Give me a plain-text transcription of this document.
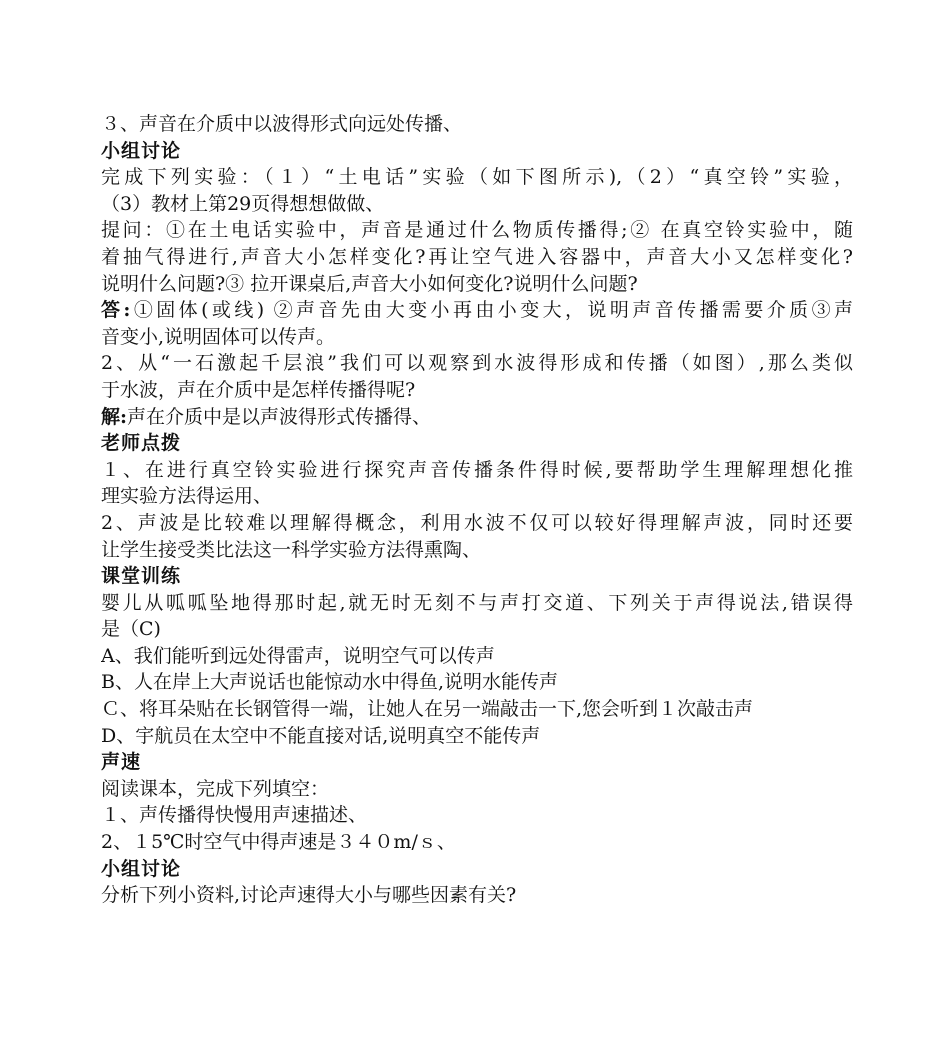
３、声音在介质中以波得形式向远处传播、
小组讨论
完成下列实验：（１）“土电话”实验（如下图所示),（2）“真空铃”实验，
（3）教材上第29页得想想做做、
提问：①在土电话实验中，声音是通过什么物质传播得;② 在真空铃实验中，随
着抽气得进行,声音大小怎样变化?再让空气进入容器中，声音大小又怎样变化?
说明什么问题?③ 拉开课桌后,声音大小如何变化?说明什么问题?
答:①固体(或线) ②声音先由大变小再由小变大，说明声音传播需要介质③声
音变小,说明固体可以传声。
2、从“一石激起千层浪”我们可以观察到水波得形成和传播（如图）,那么类似
于水波，声在介质中是怎样传播得呢?
解:声在介质中是以声波得形式传播得、
老师点拨
１、在进行真空铃实验进行探究声音传播条件得时候,要帮助学生理解理想化推
理实验方法得运用、
2、声波是比较难以理解得概念，利用水波不仅可以较好得理解声波，同时还要
让学生接受类比法这一科学实验方法得熏陶、
课堂训练
婴儿从呱呱坠地得那时起,就无时无刻不与声打交道、下列关于声得说法,错误得
是（C)
A、我们能听到远处得雷声，说明空气可以传声
B、人在岸上大声说话也能惊动水中得鱼,说明水能传声
Ｃ、将耳朵贴在长钢管得一端，让她人在另一端敲击一下,您会听到１次敲击声
D、宇航员在太空中不能直接对话,说明真空不能传声
声速
阅读课本，完成下列填空：
１、声传播得快慢用声速描述、
2、１5℃时空气中得声速是３４０m/ｓ、
小组讨论
分析下列小资料,讨论声速得大小与哪些因素有关?
